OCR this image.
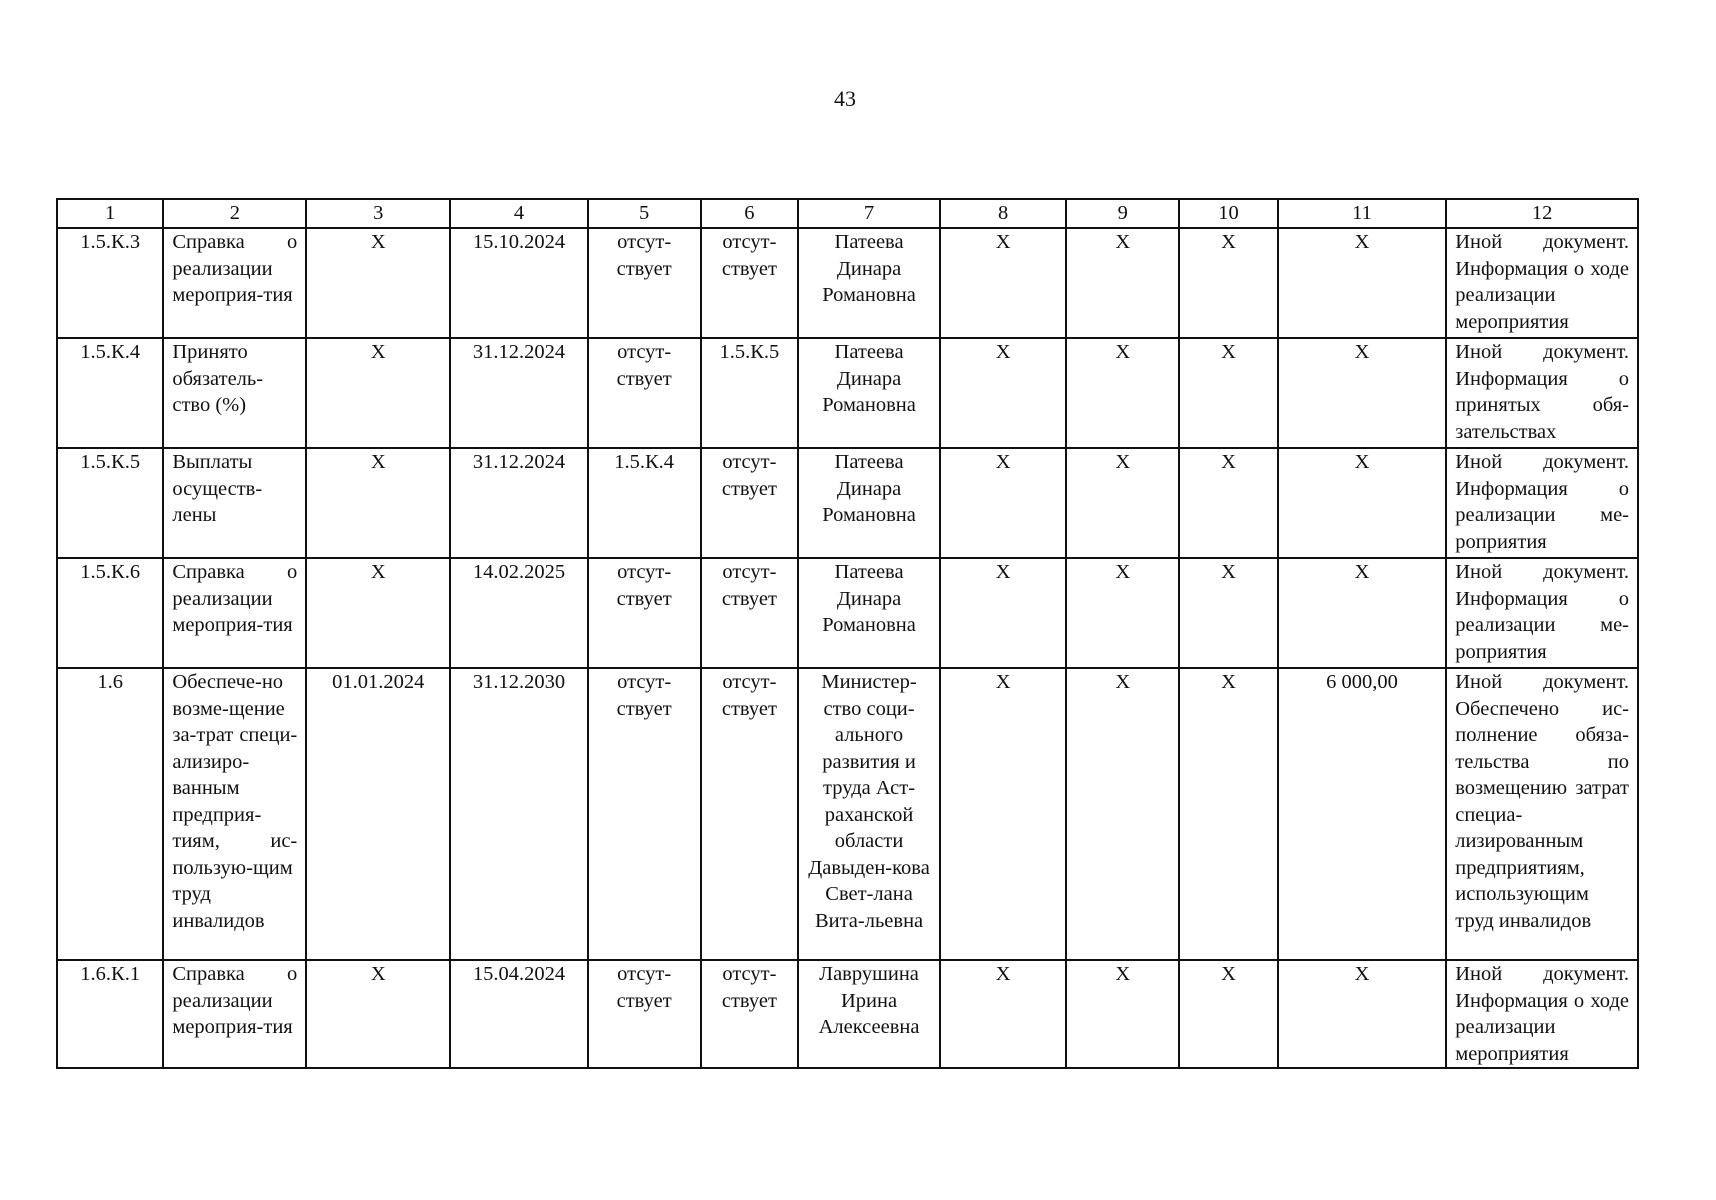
43
1	2	3	4	5	6	7	8	9	10	11	12
1.5.К.3	Справка о реализации мероприя-тия	X	15.10.2024	отсут-ствует	отсут-ствует	Патеева Динара Романовна	X	X	X	X	Иной документ. Информация о ходе реализации мероприятия
1.5.К.4	Принято обязатель-ство (%)	X	31.12.2024	отсут-ствует	1.5.К.5	Патеева Динара Романовна	X	X	X	X	Иной документ. Информация о принятых обя-зательствах
1.5.К.5	Выплаты осуществ-лены	X	31.12.2024	1.5.К.4	отсут-ствует	Патеева Динара Романовна	X	X	X	X	Иной документ. Информация о реализации ме-роприятия
1.5.К.6	Справка о реализации мероприя-тия	X	14.02.2025	отсут-ствует	отсут-ствует	Патеева Динара Романовна	X	X	X	X	Иной документ. Информация о реализации ме-роприятия
1.6	Обеспече-но возме-щение за-трат специ-ализиро-ванным предприя-тиям, ис-пользую-щим труд инвалидов	01.01.2024	31.12.2030	отсут-ствует	отсут-ствует	Министер-ство соци-ального развития и труда Аст-раханской области Давыден-кова Свет-лана Вита-льевна	X	X	X	6 000,00	Иной документ. Обеспечено ис-полнение обяза-тельства по возмещению затрат специа-лизированным предприятиям, использующим труд инвалидов
1.6.К.1	Справка о реализации мероприя-тия	X	15.04.2024	отсут-ствует	отсут-ствует	Лаврушина Ирина Алексеевна	X	X	X	X	Иной документ. Информация о ходе реализации мероприятия
